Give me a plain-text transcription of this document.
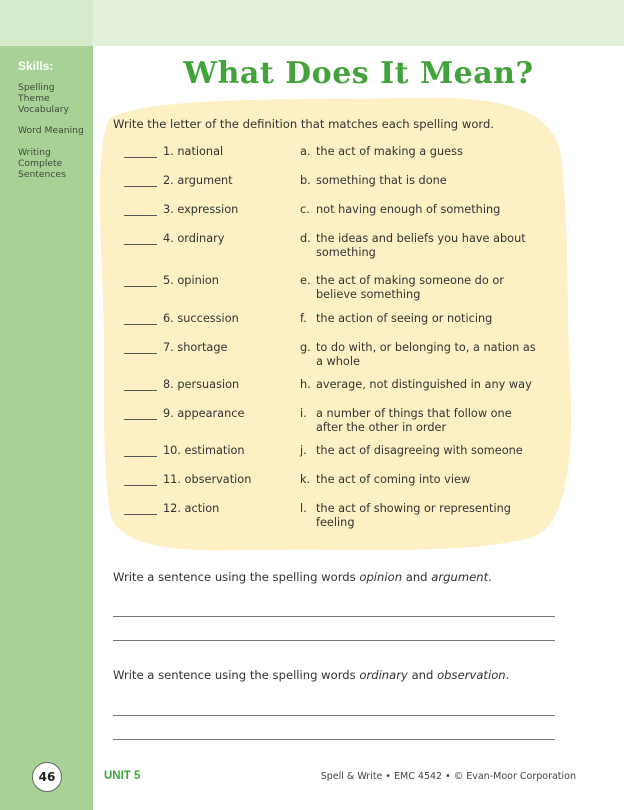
Skills:
Spelling
Theme
Vocabulary
Word Meaning
Writing
Complete
Sentences
What Does It Mean?
Write the letter of the definition that matches each spelling word.
1. national	a. the act of making a guess
2. argument	b. something that is done
3. expression	c. not having enough of something
4. ordinary	d. the ideas and beliefs you have about something
5. opinion	e. the act of making someone do or believe something
6. succession	f. the action of seeing or noticing
7. shortage	g. to do with, or belonging to, a nation as a whole
8. persuasion	h. average, not distinguished in any way
9. appearance	i. a number of things that follow one after the other in order
10. estimation	j. the act of disagreeing with someone
11. observation	k. the act of coming into view
12. action	l. the act of showing or representing feeling
Write a sentence using the spelling words opinion and argument.
Write a sentence using the spelling words ordinary and observation.
46	UNIT 5	Spell & Write • EMC 4542 • © Evan-Moor Corporation
